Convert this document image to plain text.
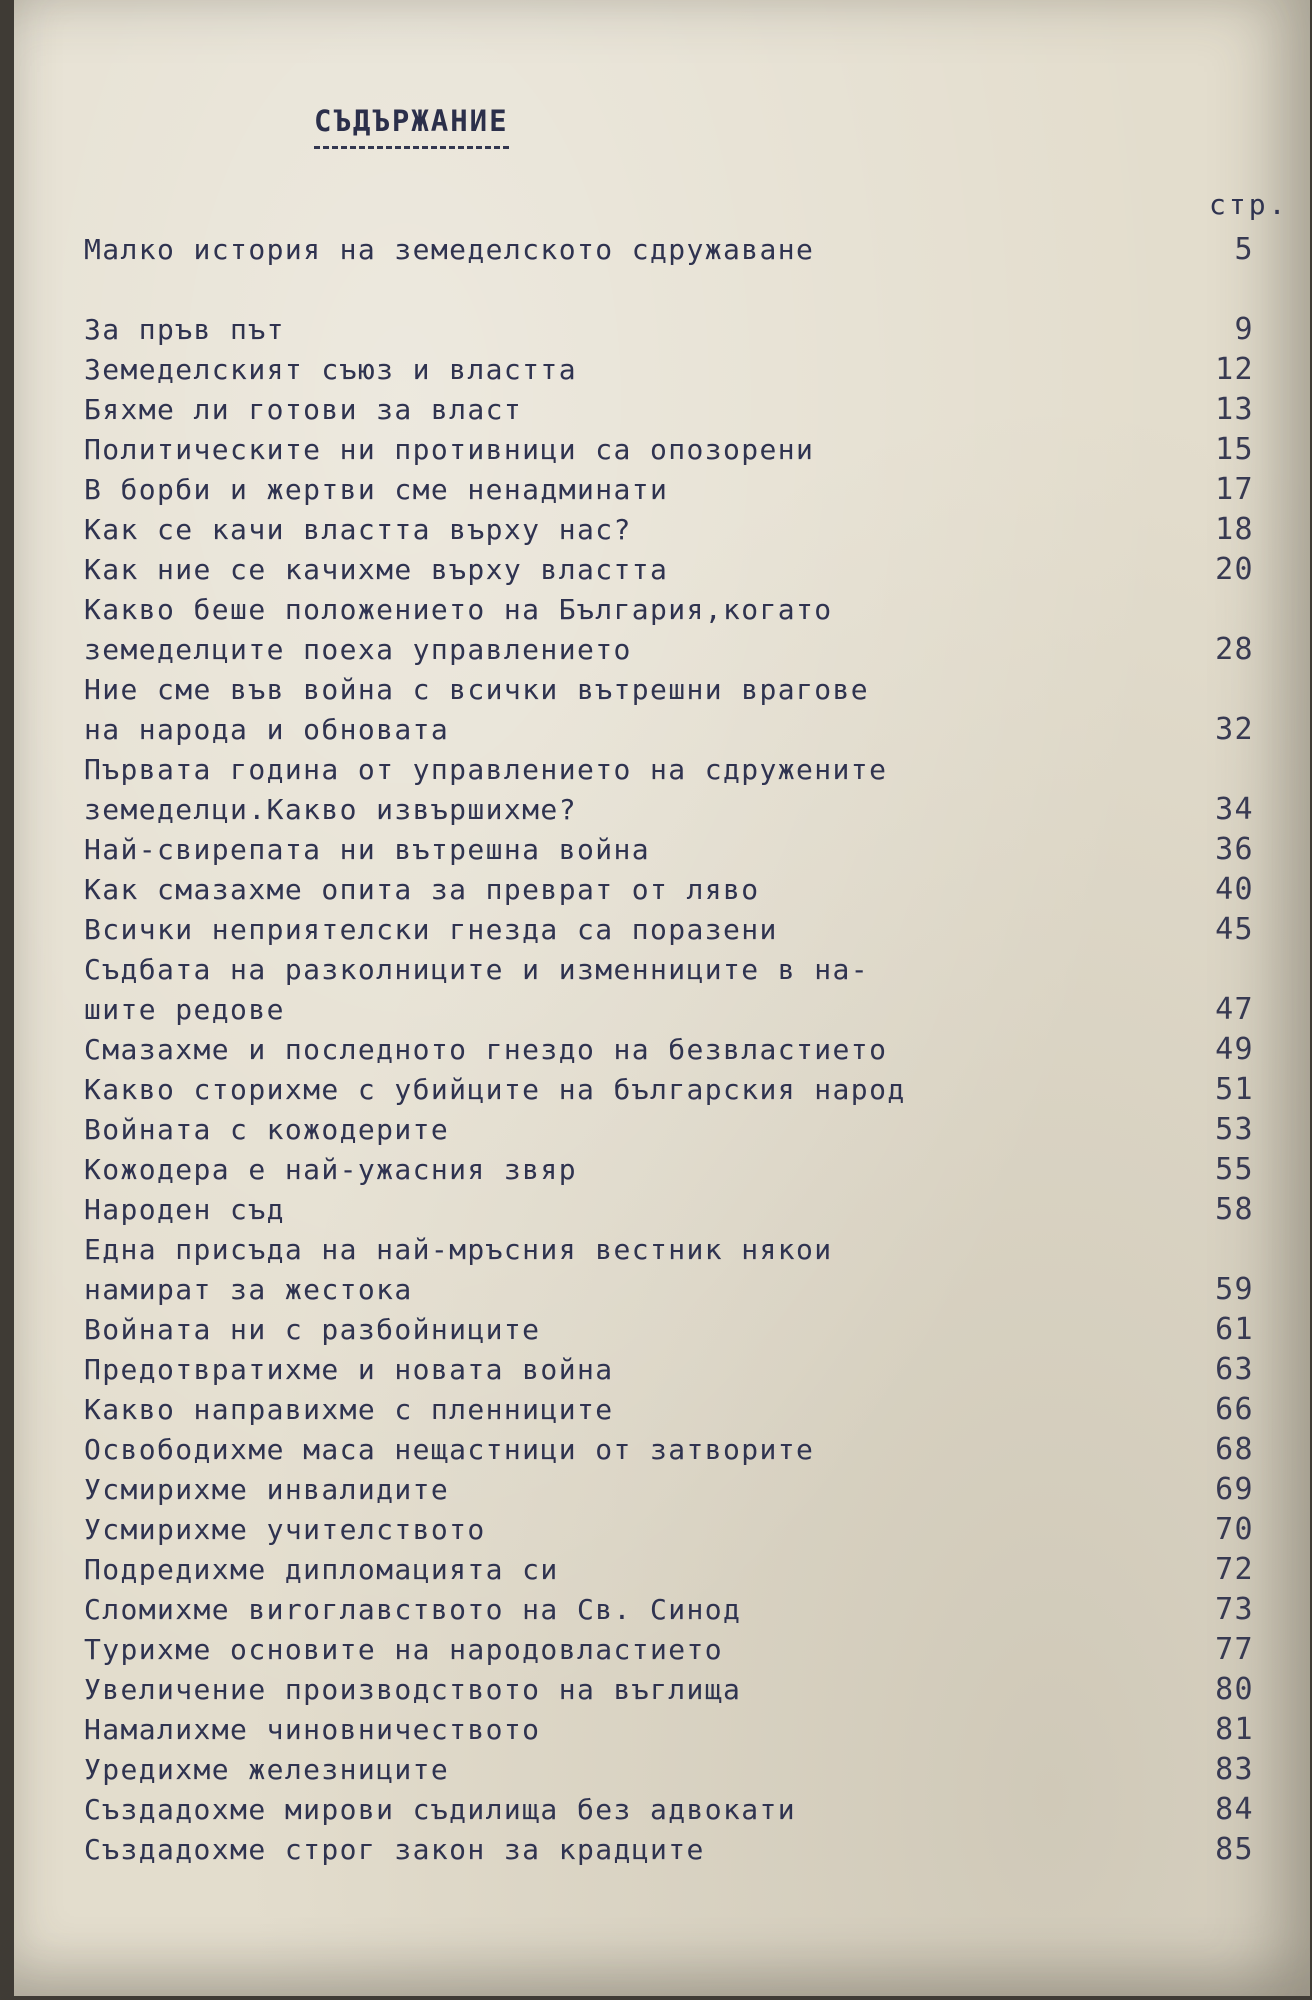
СЪДЪРЖАНИЕ
стр.
Малко история на земеделското сдружаване	5
За пръв път	9
Земеделският съюз и властта	12
Бяхме ли готови за власт	13
Политическите ни противници са опозорени	15
В борби и жертви сме ненадминати	17
Как се качи властта върху нас?	18
Как ние се качихме върху властта	20
Какво беше положението на България,когато
земеделците поеха управлението	28
Ние сме във война с всички вътрешни врагове
на народа и обновата	32
Първата година от управлението на сдружените
земеделци.Какво извършихме?	34
Най-свирепата ни вътрешна война	36
Как смазахме опита за преврат от ляво	40
Всички неприятелски гнезда са поразени	45
Съдбата на разколниците и изменниците в на-
шите редове	47
Смазахме и последното гнездо на безвластието	49
Какво сторихме с убийците на българския народ	51
Войната с кожодерите	53
Кожодера е най-ужасния звяр	55
Народен съд	58
Една присъда на най-мръсния вестник някои
намират за жестока	59
Войната ни с разбойниците	61
Предотвратихме и новата война	63
Какво направихме с пленниците	66
Освободихме маса нещастници от затворите	68
Усмирихме инвалидите	69
Усмирихме учителството	70
Подредихме дипломацията си	72
Сломихме виroглавството на Св. Синод	73
Турихме основите на народовластието	77
Увеличение производството на въглища	80
Намалихме чиновничеството	81
Уредихме железниците	83
Създадохме мирови съдилища без адвокати	84
Създадохме строг закон за крадците	85
